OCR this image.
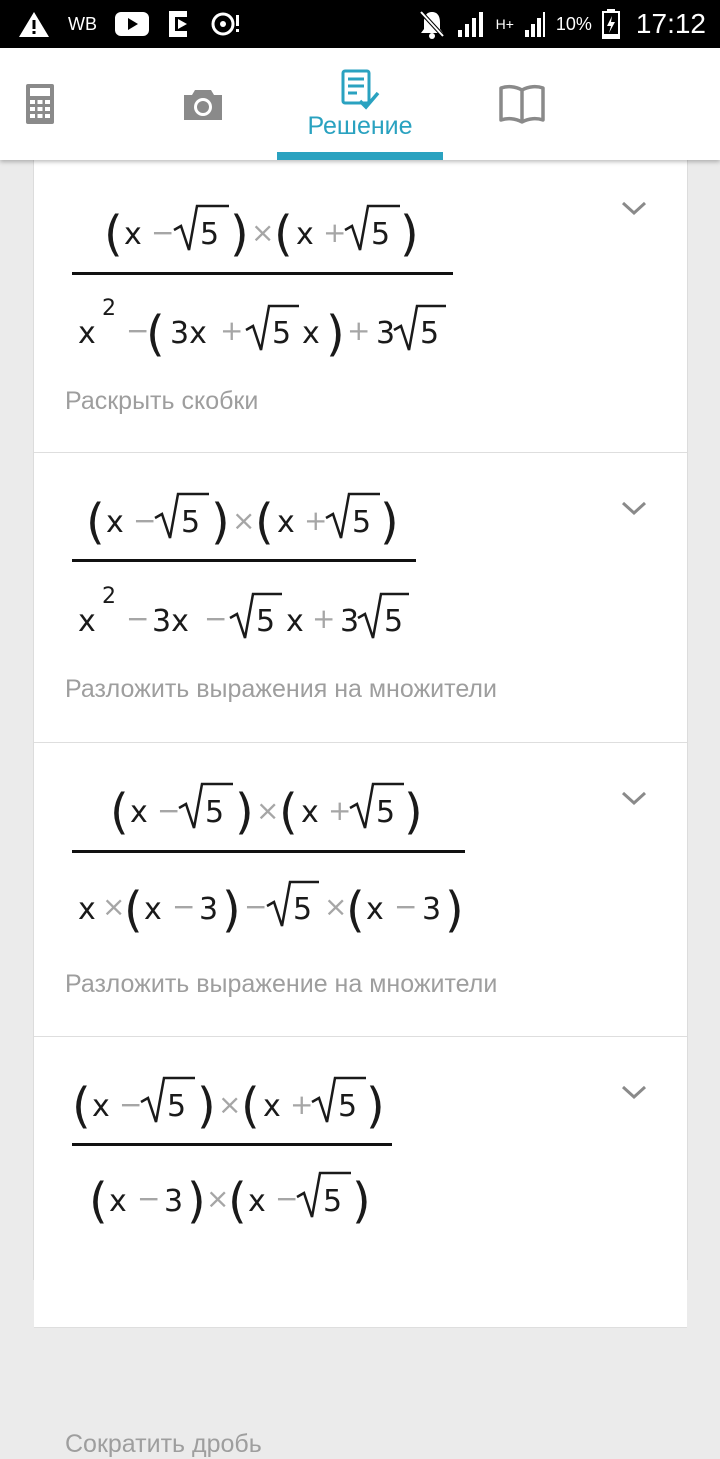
WB	H+ 10% 17:12
Решение
( x − 5 ) × ( x + 5 )
x
2
−
( 3x + 5 x ) + 3 5
Раскрыть скобки
( x − 5 ) × ( x + 5 )
x
2
− 3x − 5 x + 3 5
Разложить выражения на множители
( x − 5 ) × ( x + 5 )
x ×
( x − 3 ) − 5 ×
( x − 3 )
Разложить выражение на множители
( x − 5 ) × ( x + 5 )
( x − 3 ) ×
( x − 5 )
Сократить дробь
